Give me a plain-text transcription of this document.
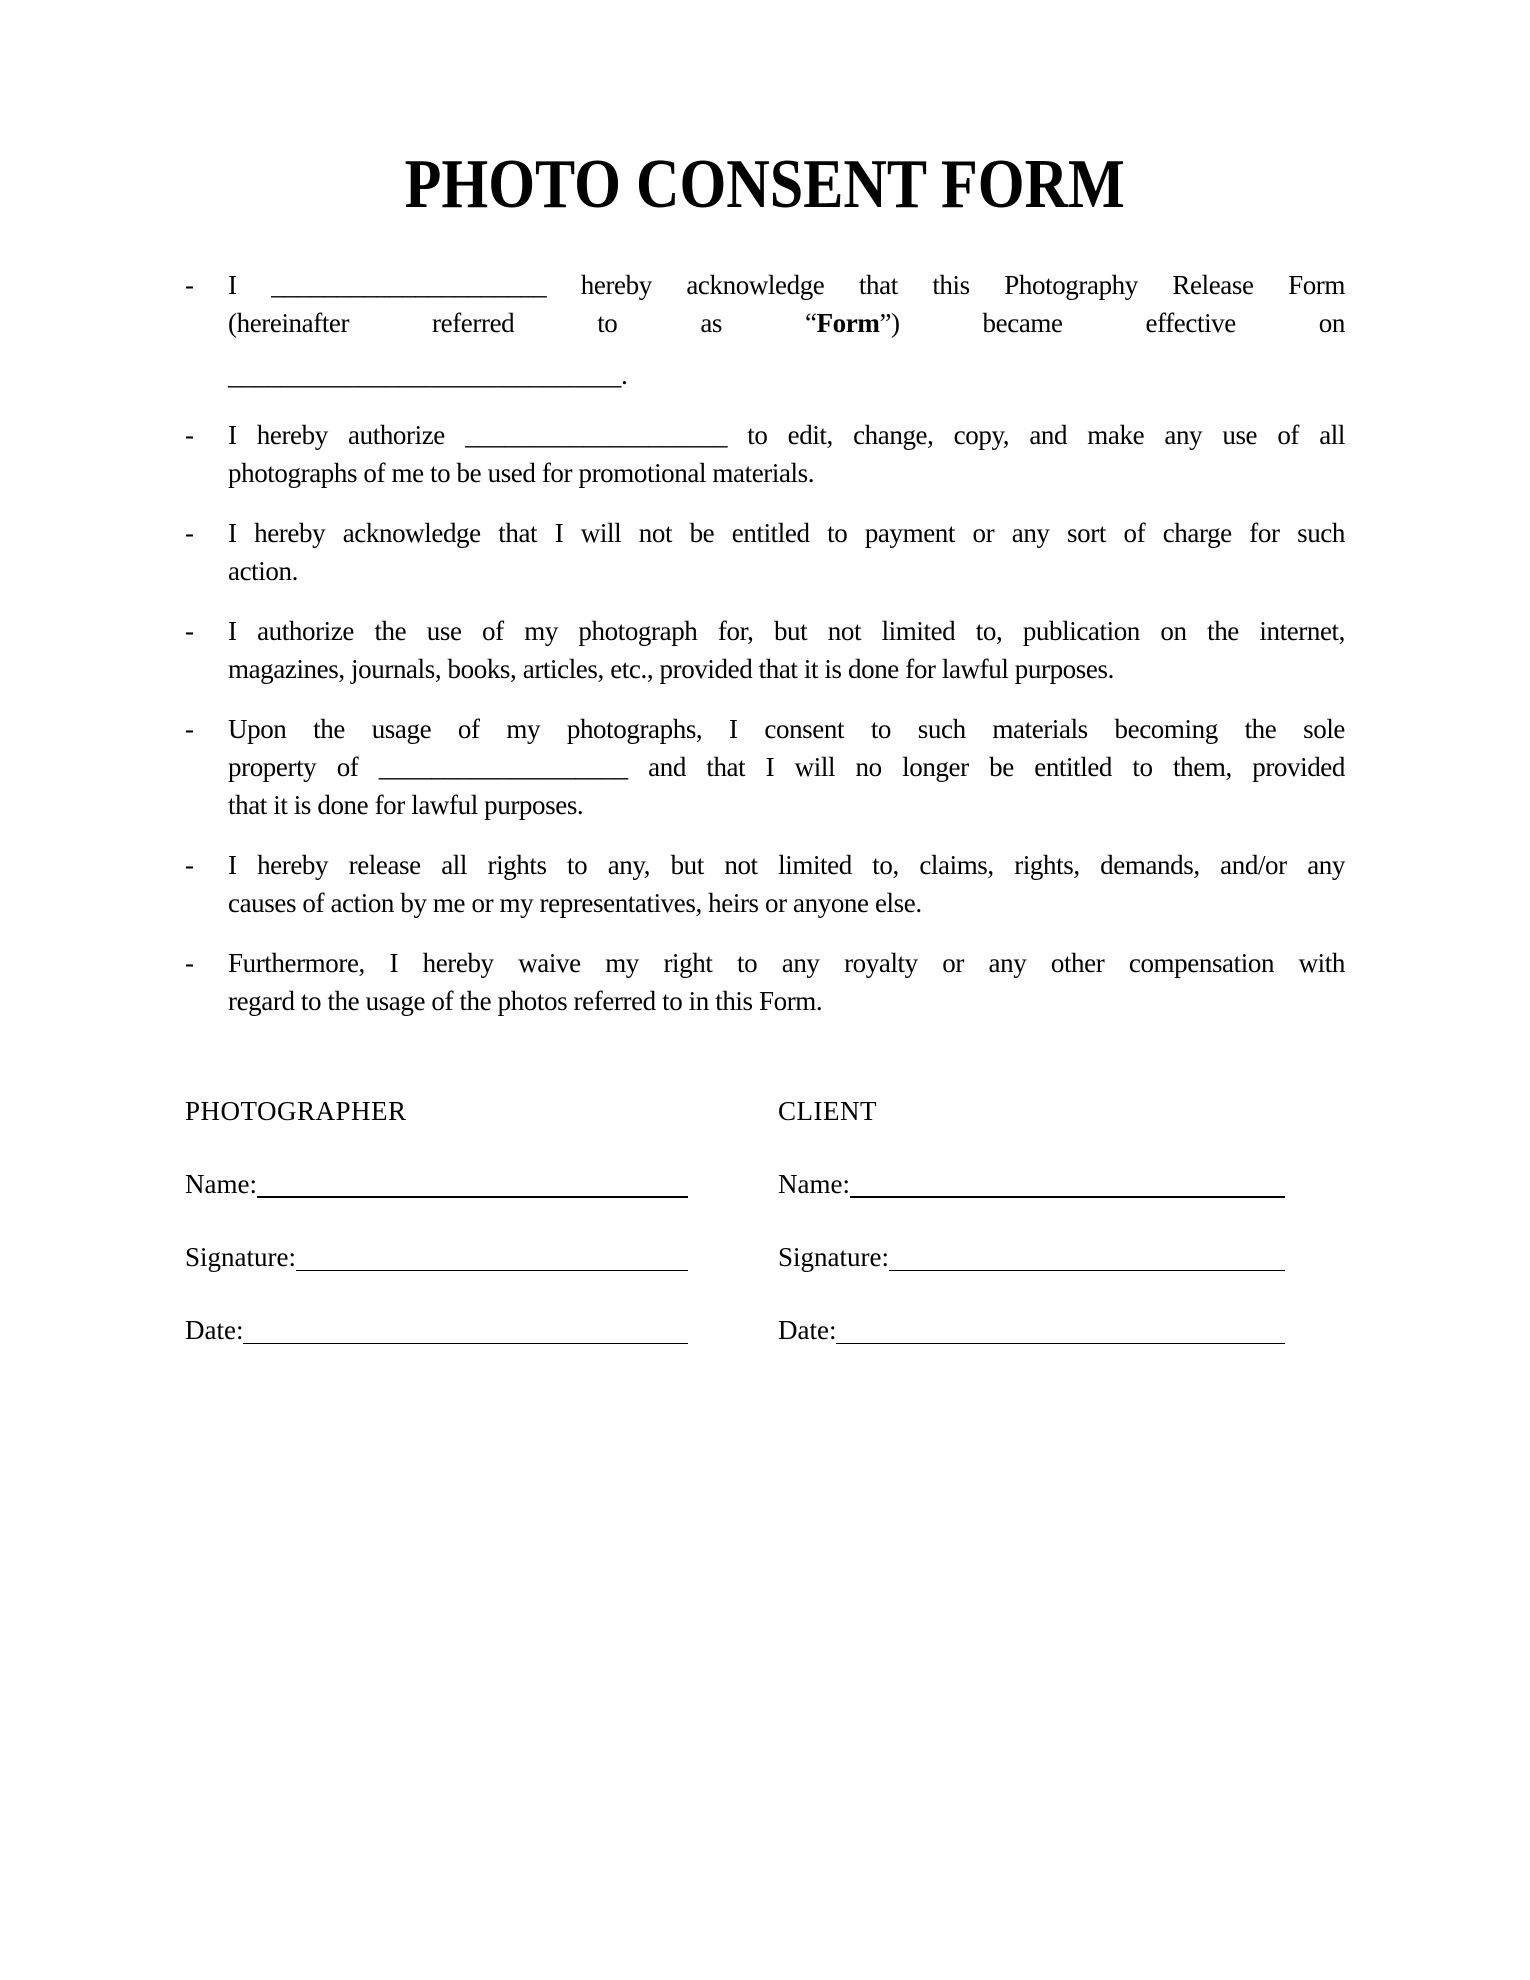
PHOTO CONSENT FORM
-	I _____________________ hereby acknowledge that this Photography Release Form
(hereinafter referred to as “Form”) became effective on
______________________________.
-	I hereby authorize ____________________ to edit, change, copy, and make any use of all
photographs of me to be used for promotional materials.
-	I hereby acknowledge that I will not be entitled to payment or any sort of charge for such
action.
-	I authorize the use of my photograph for, but not limited to, publication on the internet,
magazines, journals, books, articles, etc., provided that it is done for lawful purposes.
-	Upon the usage of my photographs, I consent to such materials becoming the sole
property of ___________________ and that I will no longer be entitled to them, provided
that it is done for lawful purposes.
-	I hereby release all rights to any, but not limited to, claims, rights, demands, and/or any
causes of action by me or my representatives, heirs or anyone else.
-	Furthermore, I hereby waive my right to any royalty or any other compensation with
regard to the usage of the photos referred to in this Form.
PHOTOGRAPHER
Name:
Signature:
Date:
CLIENT
Name:
Signature:
Date:
